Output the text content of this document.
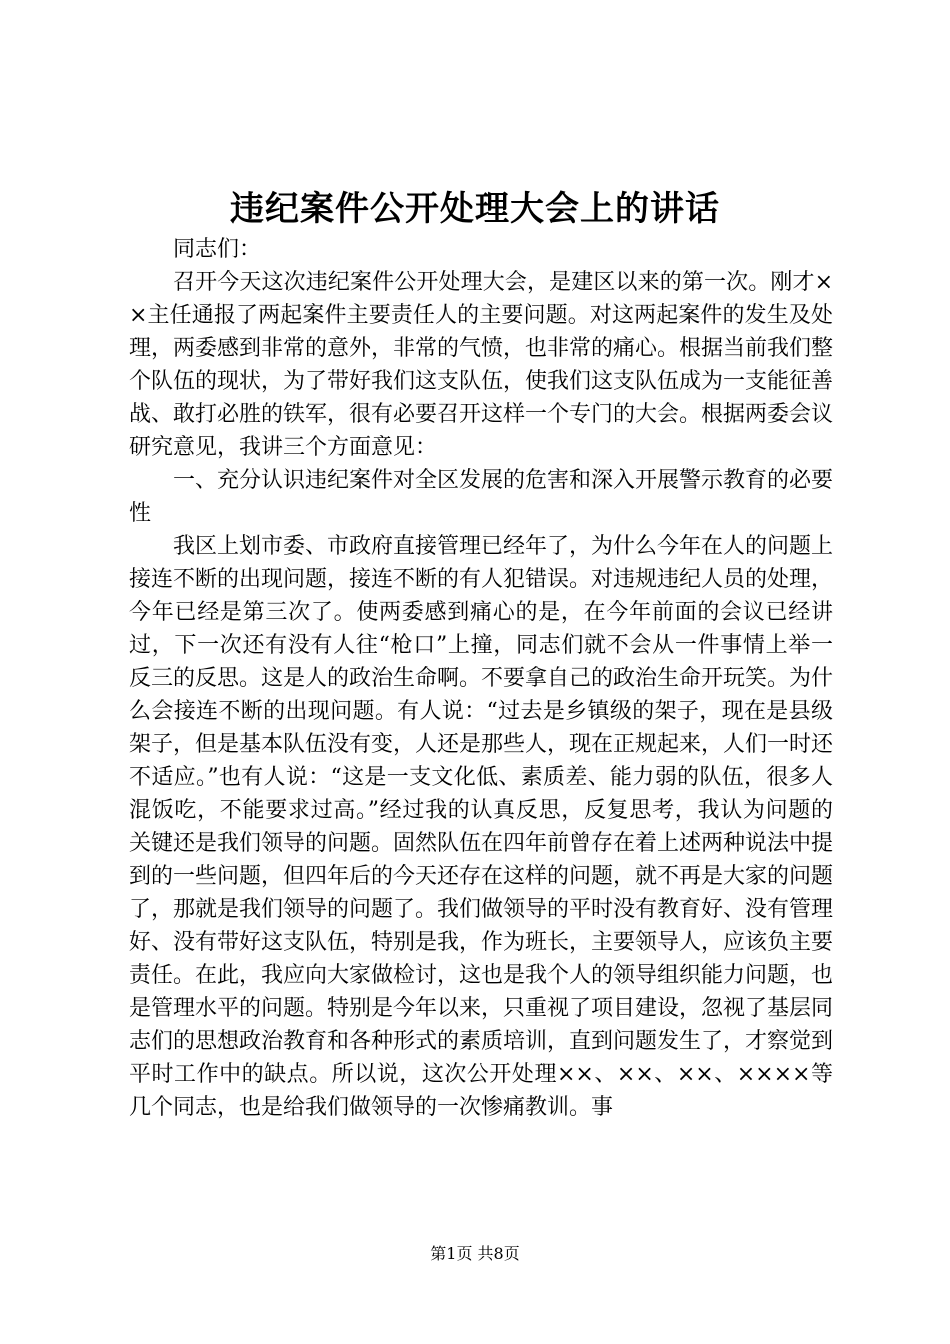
违纪案件公开处理大会上的讲话

同志们：

召开今天这次违纪案件公开处理大会，是建区以来的第一次。刚才××主任通报了两起案件主要责任人的主要问题。对这两起案件的发生及处理，两委感到非常的意外，非常的气愤，也非常的痛心。根据当前我们整个队伍的现状，为了带好我们这支队伍，使我们这支队伍成为一支能征善战、敢打必胜的铁军，很有必要召开这样一个专门的大会。根据两委会议研究意见，我讲三个方面意见：

一、充分认识违纪案件对全区发展的危害和深入开展警示教育的必要性

我区上划市委、市政府直接管理已经年了，为什么今年在人的问题上接连不断的出现问题，接连不断的有人犯错误。对违规违纪人员的处理，今年已经是第三次了。使两委感到痛心的是，在今年前面的会议已经讲过，下一次还有没有人往“枪口”上撞，同志们就不会从一件事情上举一反三的反思。这是人的政治生命啊。不要拿自己的政治生命开玩笑。为什么会接连不断的出现问题。有人说：“过去是乡镇级的架子，现在是县级架子，但是基本队伍没有变，人还是那些人，现在正规起来，人们一时还不适应。”也有人说：“这是一支文化低、素质差、能力弱的队伍，很多人混饭吃，不能要求过高。”经过我的认真反思，反复思考，我认为问题的关键还是我们领导的问题。固然队伍在四年前曾存在着上述两种说法中提到的一些问题，但四年后的今天还存在这样的问题，就不再是大家的问题了，那就是我们领导的问题了。我们做领导的平时没有教育好、没有管理好、没有带好这支队伍，特别是我，作为班长，主要领导人，应该负主要责任。在此，我应向大家做检讨，这也是我个人的领导组织能力问题，也是管理水平的问题。特别是今年以来，只重视了项目建设，忽视了基层同志们的思想政治教育和各种形式的素质培训，直到问题发生了，才察觉到平时工作中的缺点。所以说，这次公开处理××、××、××、××××等几个同志，也是给我们做领导的一次惨痛教训。事

第1页 共8页
